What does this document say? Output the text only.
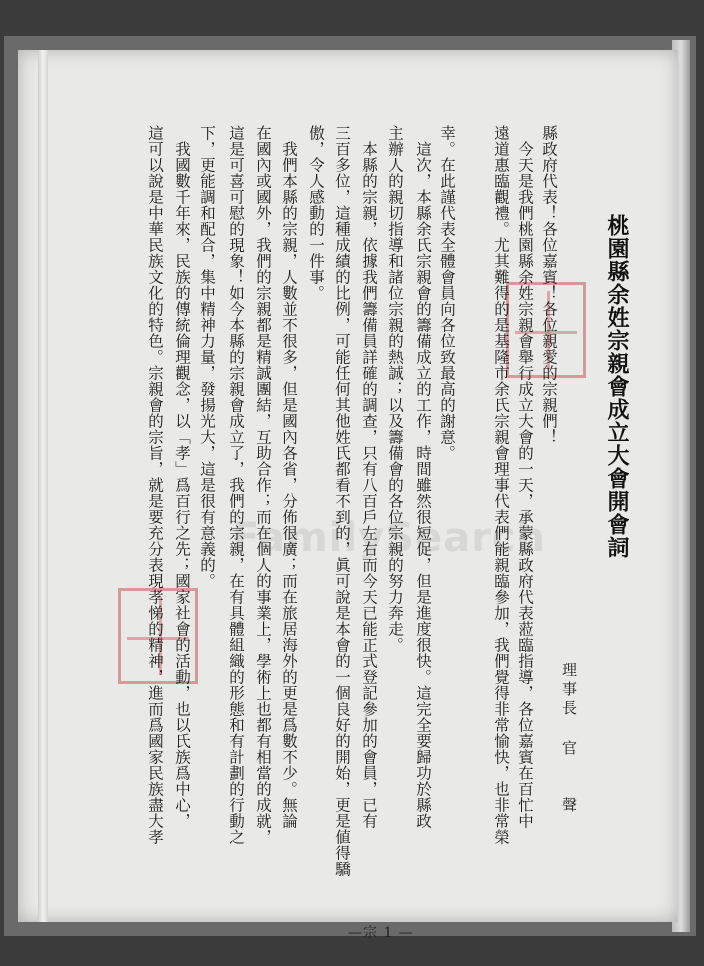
FamilySearch
理事長
官　　聲
桃園縣余姓宗親會成立大會開會詞
縣政府代表！各位嘉賓！各位親愛的宗親們！
　今天是我們桃園縣余姓宗親會舉行成立大會的一天，承蒙縣政府代表蒞臨指導，各位嘉賓在百忙中
遠道惠臨觀禮。尤其難得的是基隆市余氏宗親會理事代表們能親臨參加，我們覺得非常愉快，也非常榮
幸。在此謹代表全體會員向各位致最高的謝意。
　這次，本縣余氏宗親會的籌備成立的工作，時間雖然很短促，但是進度很快。這完全要歸功於縣政
主辦人的親切指導和諸位宗親的熱誠；以及籌備會的各位宗親的努力奔走。
　本縣的宗親，依據我們籌備員詳確的調查，只有八百戶左右而今天已能正式登記參加的會員，已有
三百多位，這種成績的比例，可能任何其他姓氏都看不到的，眞可說是本會的一個良好的開始，更是値得驕
傲，令人感動的一件事。
　我們本縣的宗親，人數並不很多，但是國內各省，分佈很廣；而在旅居海外的更是爲數不少。無論
在國內或國外，我們的宗親都是精誠團結，互助合作；而在個人的事業上，學術上也都有相當的成就，
這是可喜可慰的現象！如今本縣的宗親會成立了，我們的宗親，在有具體組織的形態和有計劃的行動之
下，更能調和配合，集中精神力量，發揚光大，這是很有意義的。
　我國數千年來，民族的傳統倫理觀念，以「孝」爲百行之先；國家社會的活動，也以氏族爲中心，
這可以說是中華民族文化的特色。宗親會的宗旨，就是要充分表現孝悌的精神，進而爲國家民族盡大孝
—宗 1 —
